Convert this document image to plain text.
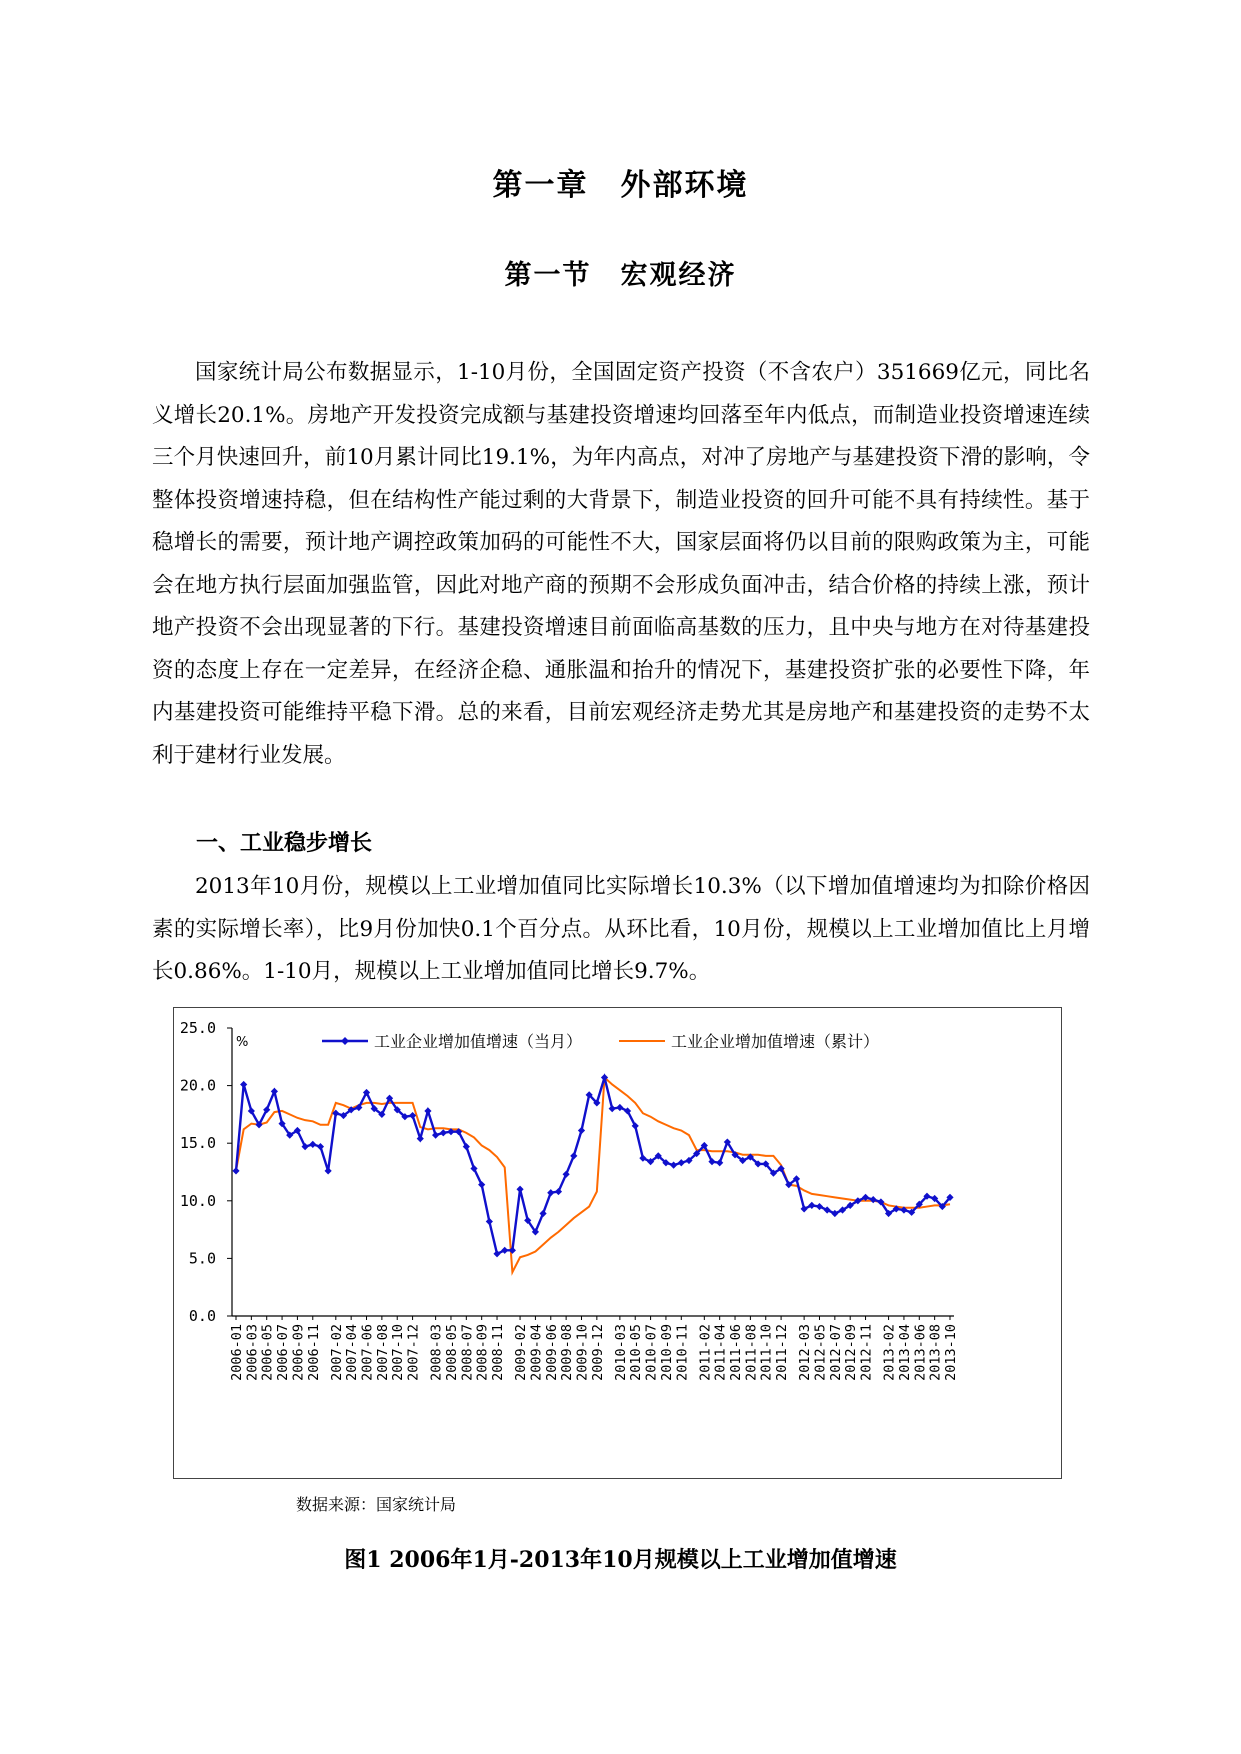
第一章　外部环境
第一节　宏观经济

国家统计局公布数据显示，1-10月份，全国固定资产投资（不含农户）351669亿元，同比名义增长20.1%。房地产开发投资完成额与基建投资增速均回落至年内低点，而制造业投资增速连续三个月快速回升，前10月累计同比19.1%，为年内高点，对冲了房地产与基建投资下滑的影响，令整体投资增速持稳，但在结构性产能过剩的大背景下，制造业投资的回升可能不具有持续性。基于稳增长的需要，预计地产调控政策加码的可能性不大，国家层面将仍以目前的限购政策为主，可能会在地方执行层面加强监管，因此对地产商的预期不会形成负面冲击，结合价格的持续上涨，预计地产投资不会出现显著的下行。基建投资增速目前面临高基数的压力，且中央与地方在对待基建投资的态度上存在一定差异，在经济企稳、通胀温和抬升的情况下，基建投资扩张的必要性下降，年内基建投资可能维持平稳下滑。总的来看，目前宏观经济走势尤其是房地产和基建投资的走势不太利于建材行业发展。

一、工业稳步增长

2013年10月份，规模以上工业增加值同比实际增长10.3%（以下增加值增速均为扣除价格因素的实际增长率），比9月份加快0.1个百分点。从环比看，10月份，规模以上工业增加值比上月增长0.86%。1-10月，规模以上工业增加值同比增长9.7%。

0.0
5.0
10.0
15.0
20.0
25.0
%
2006-01 2006-03 2006-05 2006-07 2006-09 2006-11 2007-02 2007-04 2007-06 2007-08 2007-10 2007-12 2008-03 2008-05 2008-07 2008-09 2008-11 2009-02 2009-04 2009-06 2009-08 2009-10 2009-12 2010-03 2010-05 2010-07 2010-09 2010-11 2011-02 2011-04 2011-06 2011-08 2011-10 2011-12 2012-03 2012-05 2012-07 2012-09 2012-11 2013-02 2013-04 2013-06 2013-08 2013-10
工业企业增加值增速（当月）	工业企业增加值增速（累计）
数据来源：国家统计局
图1 2006年1月-2013年10月规模以上工业增加值增速
